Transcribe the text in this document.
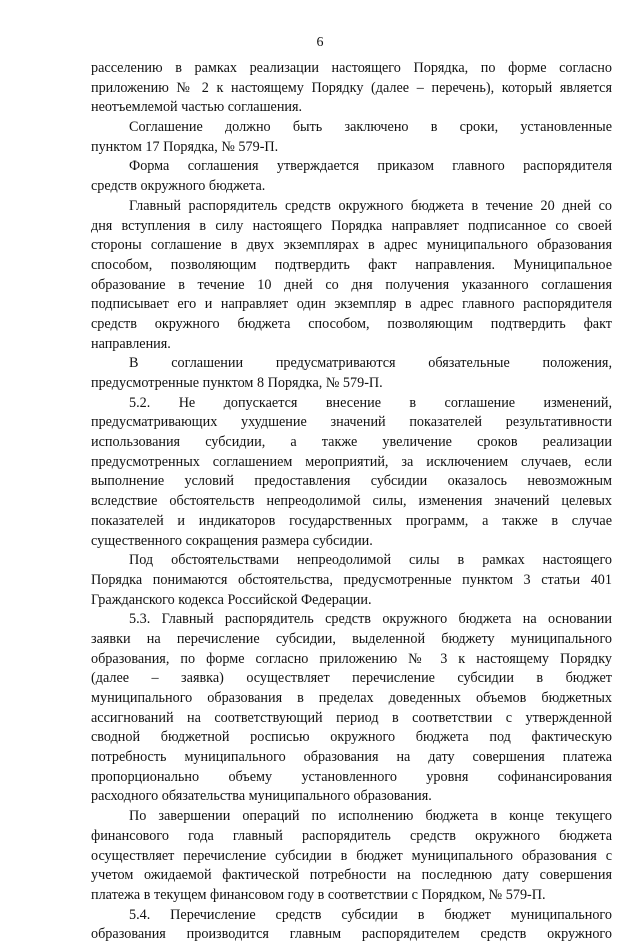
6
расселению в рамках реализации настоящего Порядка, по форме согласно
приложению № 2 к настоящему Порядку (далее – перечень), который является
неотъемлемой частью соглашения.
Соглашение должно быть заключено в сроки, установленные
пунктом 17 Порядка, № 579-П.
Форма соглашения утверждается приказом главного распорядителя
средств окружного бюджета.
Главный распорядитель средств окружного бюджета в течение 20 дней со
дня вступления в силу настоящего Порядка направляет подписанное со своей
стороны соглашение в двух экземплярах в адрес муниципального образования
способом, позволяющим подтвердить факт направления. Муниципальное
образование в течение 10 дней со дня получения указанного соглашения
подписывает его и направляет один экземпляр в адрес главного распорядителя
средств окружного бюджета способом, позволяющим подтвердить факт
направления.
В соглашении предусматриваются обязательные положения,
предусмотренные пунктом 8 Порядка, № 579-П.
5.2. Не допускается внесение в соглашение изменений,
предусматривающих ухудшение значений показателей результативности
использования субсидии, а также увеличение сроков реализации
предусмотренных соглашением мероприятий, за исключением случаев, если
выполнение условий предоставления субсидии оказалось невозможным
вследствие обстоятельств непреодолимой силы, изменения значений целевых
показателей и индикаторов государственных программ, а также в случае
существенного сокращения размера субсидии.
Под обстоятельствами непреодолимой силы в рамках настоящего
Порядка понимаются обстоятельства, предусмотренные пунктом 3 статьи 401
Гражданского кодекса Российской Федерации.
5.3. Главный распорядитель средств окружного бюджета на основании
заявки на перечисление субсидии, выделенной бюджету муниципального
образования, по форме согласно приложению № 3 к настоящему Порядку
(далее – заявка) осуществляет перечисление субсидии в бюджет
муниципального образования в пределах доведенных объемов бюджетных
ассигнований на соответствующий период в соответствии с утвержденной
сводной бюджетной росписью окружного бюджета под фактическую
потребность муниципального образования на дату совершения платежа
пропорционально объему установленного уровня софинансирования
расходного обязательства муниципального образования.
По завершении операций по исполнению бюджета в конце текущего
финансового года главный распорядитель средств окружного бюджета
осуществляет перечисление субсидии в бюджет муниципального образования с
учетом ожидаемой фактической потребности на последнюю дату совершения
платежа в текущем финансовом году в соответствии с Порядком, № 579-П.
5.4. Перечисление средств субсидии в бюджет муниципального
образования производится главным распорядителем средств окружного
